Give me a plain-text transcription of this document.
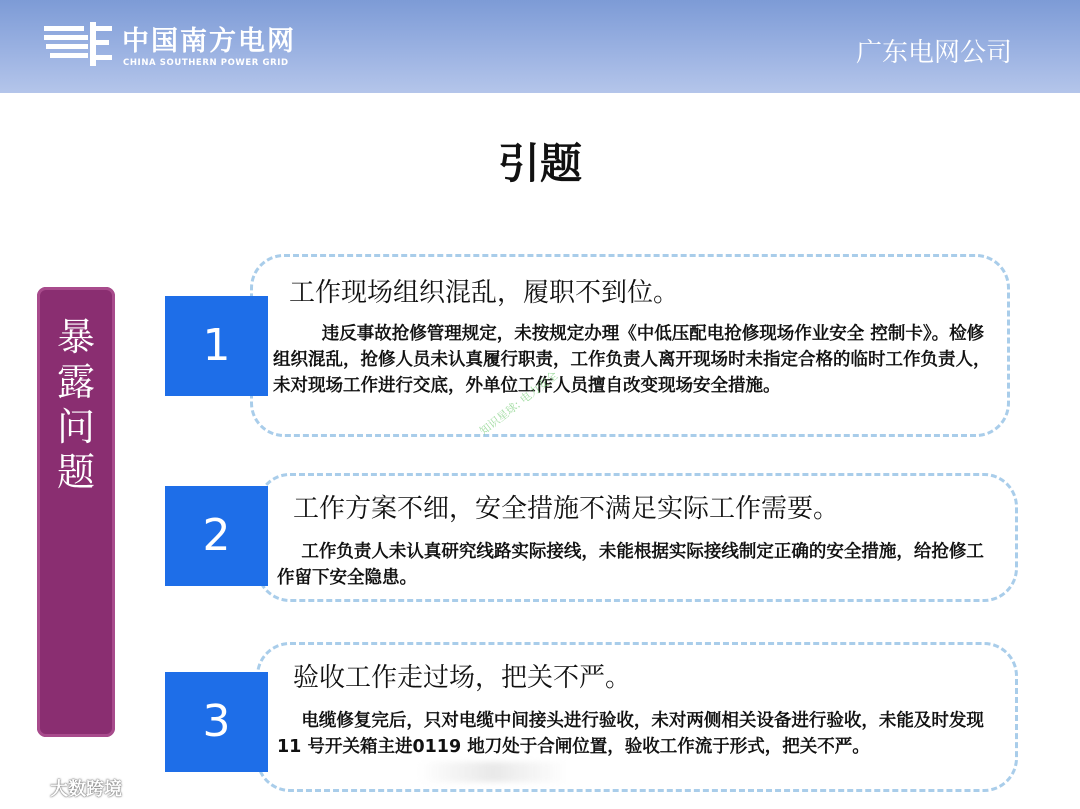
中国南方电网
CHINA SOUTHERN POWER GRID	广东电网公司
引题
暴
露
问
题
1
工作现场组织混乱，履职不到位。
违反事故抢修管理规定，未按规定办理《中低压配电抢修现场作业安全 控制卡》。检修组织混乱，抢修人员未认真履行职责，工作负责人离开现场时未指定合格的临时工作负责人，未对现场工作进行交底，外单位工作人员擅自改变现场安全措施。
2
工作方案不细，安全措施不满足实际工作需要。
工作负责人未认真研究线路实际接线，未能根据实际接线制定正确的安全措施，给抢修工作留下安全隐患。
3
验收工作走过场，把关不严。
电缆修复完后，只对电缆中间接头进行验收，未对两侧相关设备进行验收，未能及时发现11 号开关箱主进0119 地刀处于合闸位置，验收工作流于形式，把关不严。
知识星球: 电力安全
大数跨境
